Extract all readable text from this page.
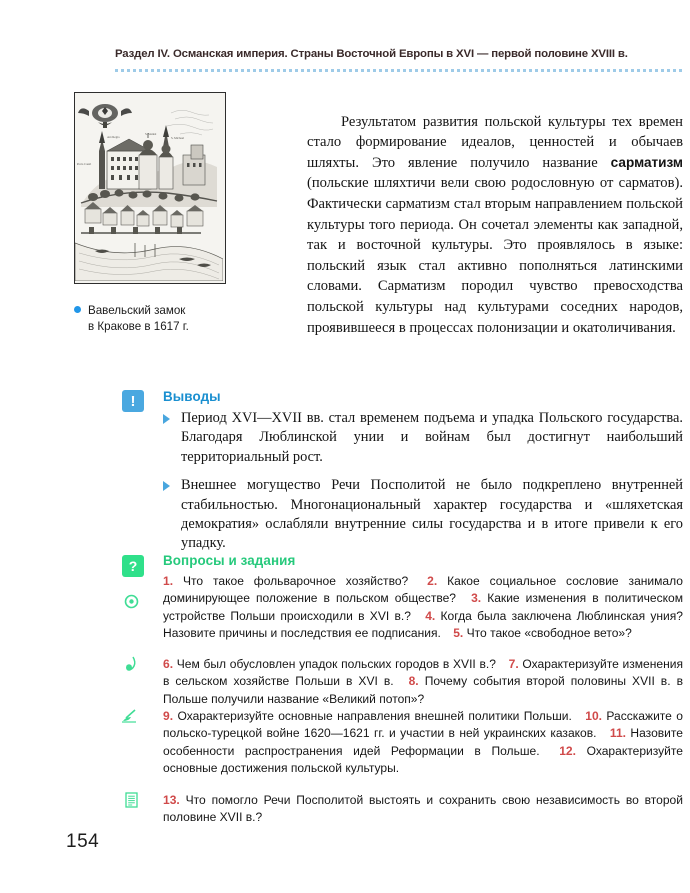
Раздел IV. Османская империя. Страны Восточной Европы в XVI — первой половине XVIII в.
Arx Regia
S. Stanisl
S. Michael
Porta Castri
Вавельский замок
в Кракове в 1617 г.

Результатом развития польской культуры тех времен стало формирование идеалов, ценностей и обычаев шляхты. Это явление получило название сарматизм (польские шляхтичи вели свою родословную от сарматов). Фактически сарматизм стал вторым направлением польской культуры того периода. Он сочетал элементы как западной, так и восточной культуры. Это проявлялось в языке: польский язык стал активно пополняться латинскими словами. Сарматизм породил чувство превосходства польской культуры над культурами соседних народов, проявившееся в процессах полонизации и окатоличивания.

!	Выводы
Период XVI—XVII вв. стал временем подъема и упадка Польского государства. Благодаря Люблинской унии и войнам был достигнут наибольший территориальный рост.
Внешнее могущество Речи Посполитой не было подкреплено внутренней стабильностью. Многонациональный характер государства и «шляхетская демократия» ослабляли внутренние силы государства и в итоге привели к его упадку.
?	Вопросы и задания
1. Что такое фольварочное хозяйство? 2. Какое социальное сословие занимало доминирующее положение в польском обществе? 3. Какие изменения в политическом устройстве Польши происходили в XVI в.? 4. Когда была заключена Люблинская уния? Назовите причины и последствия ее подписания. 5. Что такое «свободное вето»?
6. Чем был обусловлен упадок польских городов в XVII в.? 7. Охарактеризуйте изменения в сельском хозяйстве Польши в XVI в. 8. Почему события второй половины XVII в. в Польше получили название «Великий потоп»?
9. Охарактеризуйте основные направления внешней политики Польши. 10. Расскажите о польско-турецкой войне 1620—1621 гг. и участии в ней украинских казаков. 11. Назовите особенности распространения идей Реформации в Польше. 12. Охарактеризуйте основные достижения польской культуры.
13. Что помогло Речи Посполитой выстоять и сохранить свою независимость во второй половине XVII в.?
154
